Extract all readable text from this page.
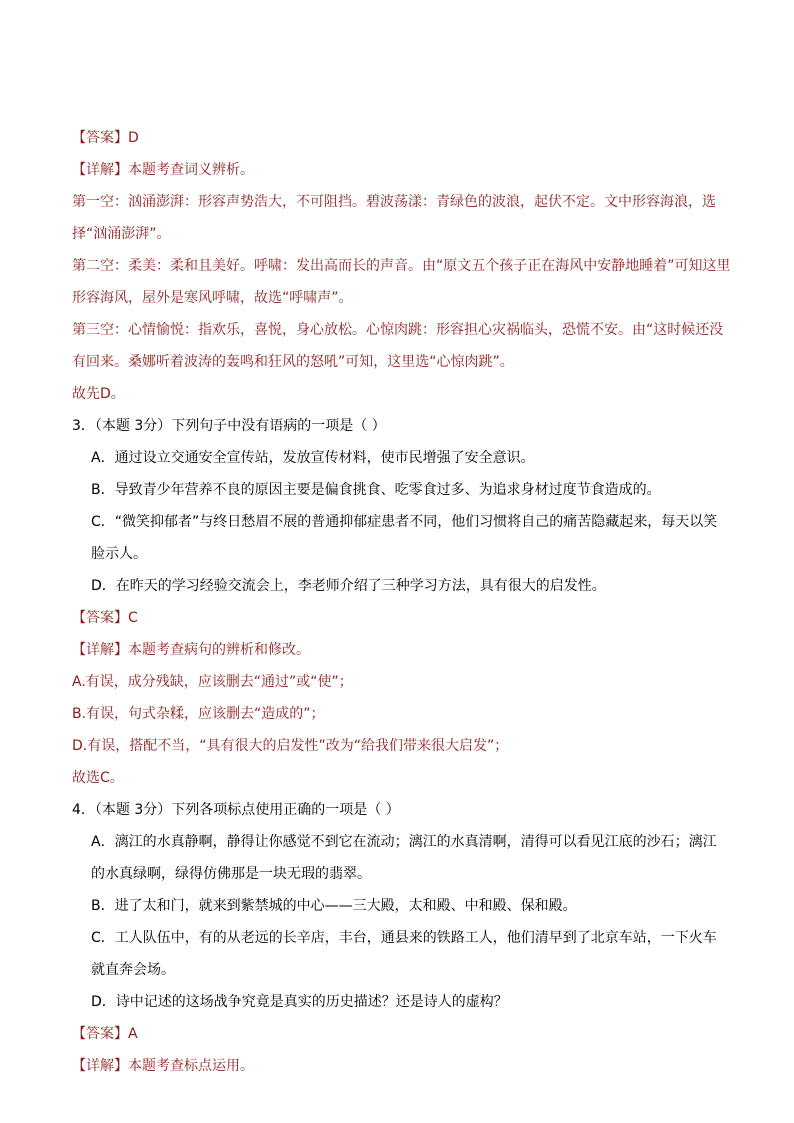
【答案】D
【详解】本题考查词义辨析。
第一空：汹涌澎湃：形容声势浩大，不可阻挡。碧波荡漾：青绿色的波浪，起伏不定。文中形容海浪，选
择“汹涌澎湃”。
第二空：柔美：柔和且美好。呼啸：发出高而长的声音。由“原文五个孩子正在海风中安静地睡着”可知这里
形容海风，屋外是寒风呼啸，故选“呼啸声”。
第三空：心情愉悦：指欢乐，喜悦，身心放松。心惊肉跳：形容担心灾祸临头，恐慌不安。由“这时候还没
有回来。桑娜听着波涛的轰鸣和狂风的怒吼”可知，这里选“心惊肉跳”。
故先D。
3．（本题 3分）下列句子中没有语病的一项是（ ）
A．通过设立交通安全宣传站，发放宣传材料，使市民增强了安全意识。
B．导致青少年营养不良的原因主要是偏食挑食、吃零食过多、为追求身材过度节食造成的。
C．“微笑抑郁者”与终日愁眉不展的普通抑郁症患者不同，他们习惯将自己的痛苦隐藏起来，每天以笑
脸示人。
D．在昨天的学习经验交流会上，李老师介绍了三种学习方法，具有很大的启发性。
【答案】C
【详解】本题考查病句的辨析和修改。
A.有误，成分残缺，应该删去“通过”或“使”；
B.有误，句式杂糅，应该删去“造成的”；
D.有误，搭配不当，“具有很大的启发性”改为“给我们带来很大启发”；
故选C。
4．（本题 3分）下列各项标点使用正确的一项是（ ）
A．漓江的水真静啊，静得让你感觉不到它在流动；漓江的水真清啊，清得可以看见江底的沙石；漓江
的水真绿啊，绿得仿佛那是一块无瑕的翡翠。
B．进了太和门，就来到紫禁城的中心——三大殿，太和殿、中和殿、保和殿。
C．工人队伍中，有的从老远的长辛店，丰台，通县来的铁路工人，他们清早到了北京车站，一下火车
就直奔会场。
D．诗中记述的这场战争究竟是真实的历史描述？还是诗人的虚构？
【答案】A
【详解】本题考查标点运用。
